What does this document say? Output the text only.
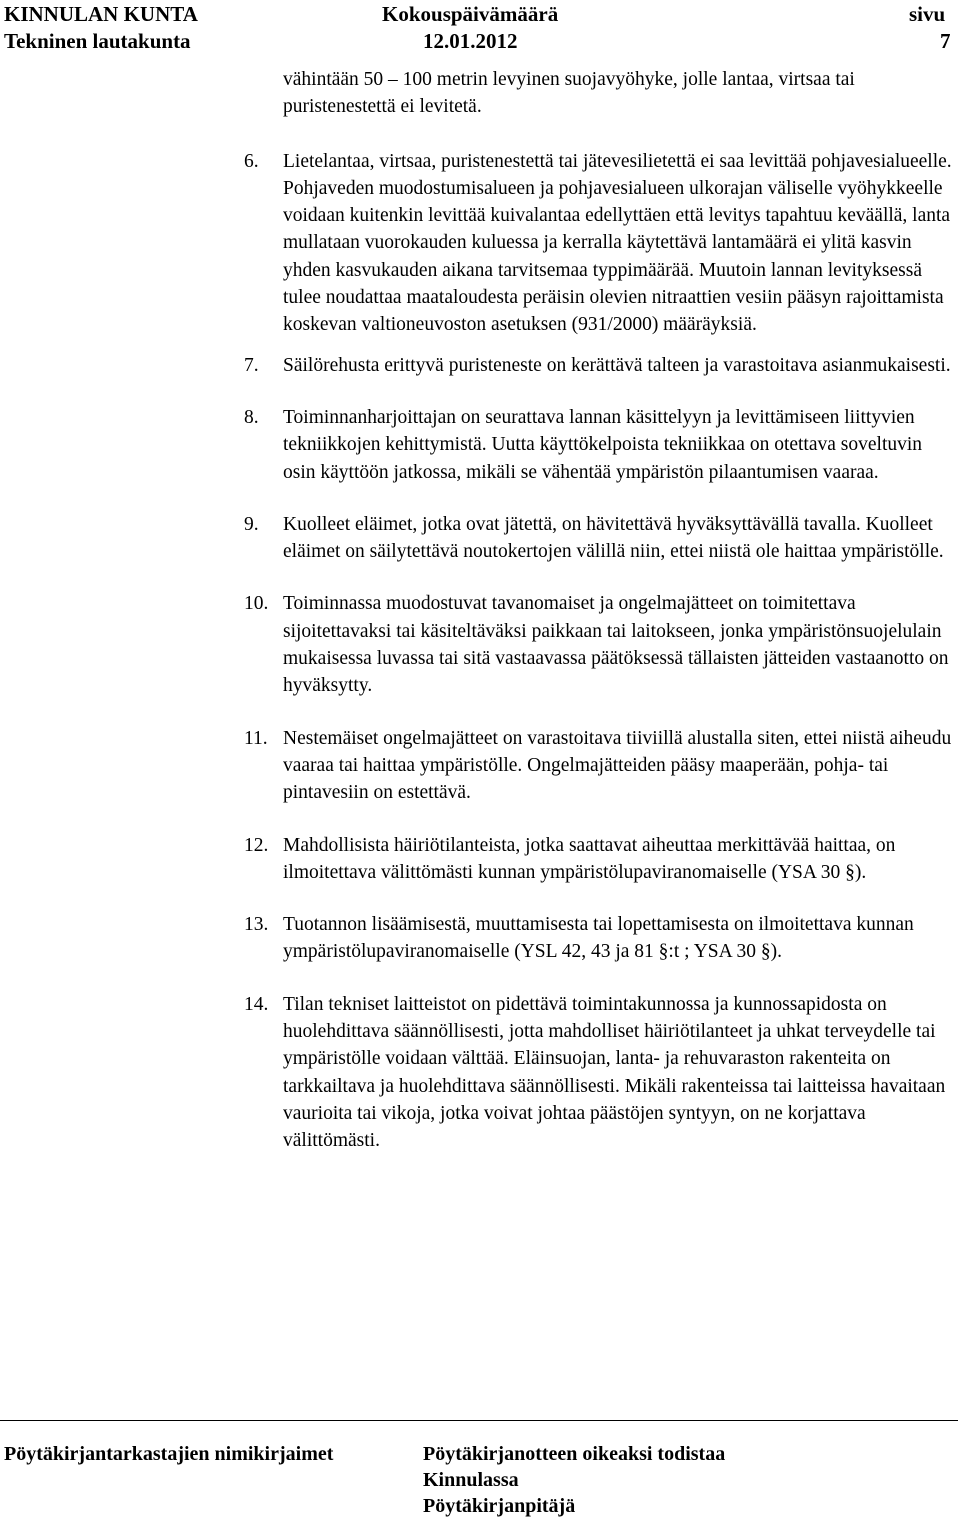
KINNULAN KUNTA
Tekninen lautakunta
Kokouspäivämäärä
12.01.2012
sivu
7

vähintään 50 – 100 metrin levyinen suojavyöhyke, jolle lantaa, virtsaa tai puristenestettä ei levitetä.

6.	Lietelantaa, virtsaa, puristenestettä tai jätevesilietettä ei saa levittää pohjavesialueelle. Pohjaveden muodostumisalueen ja pohjavesialueen ulkorajan väliselle vyöhykkeelle voidaan kuitenkin levittää kuivalantaa edellyttäen että levitys tapahtuu keväällä, lanta mullataan vuorokauden kuluessa ja kerralla käytettävä lantamäärä ei ylitä kasvin yhden kasvukauden aikana tarvitsemaa typpimäärää. Muutoin lannan levityksessä tulee noudattaa maataloudesta peräisin olevien nitraattien vesiin pääsyn rajoittamista koskevan valtioneuvoston asetuksen (931/2000) määräyksiä.
7.	Säilörehusta erittyvä puristeneste on kerättävä talteen ja varastoitava asianmukaisesti.
8.	Toiminnanharjoittajan on seurattava lannan käsittelyyn ja levittämiseen liittyvien tekniikkojen kehittymistä. Uutta käyttökelpoista tekniikkaa on otettava soveltuvin osin käyttöön jatkossa, mikäli se vähentää ympäristön pilaantumisen vaaraa.
9.	Kuolleet eläimet, jotka ovat jätettä, on hävitettävä hyväksyttävällä tavalla. Kuolleet eläimet on säilytettävä noutokertojen välillä niin, ettei niistä ole haittaa ympäristölle.
10. Toiminnassa muodostuvat tavanomaiset ja ongelmajätteet on toimitettava sijoitettavaksi tai käsiteltäväksi paikkaan tai laitokseen, jonka ympäristönsuojelulain mukaisessa luvassa tai sitä vastaavassa päätöksessä tällaisten jätteiden vastaanotto on hyväksytty.
11. Nestemäiset ongelmajätteet on varastoitava tiiviillä alustalla siten, ettei niistä aiheudu vaaraa tai haittaa ympäristölle. Ongelmajätteiden pääsy maaperään, pohja- tai pintavesiin on estettävä.
12. Mahdollisista häiriötilanteista, jotka saattavat aiheuttaa merkittävää haittaa, on ilmoitettava välittömästi kunnan ympäristölupaviranomaiselle (YSA 30 §).
13. Tuotannon lisäämisestä, muuttamisesta tai lopettamisesta on ilmoitettava kunnan ympäristölupaviranomaiselle (YSL 42, 43 ja 81 §:t ; YSA 30 §).
14. Tilan tekniset laitteistot on pidettävä toimintakunnossa ja kunnossapidosta on huolehdittava säännöllisesti, jotta mahdolliset häiriötilanteet ja uhkat terveydelle tai ympäristölle voidaan välttää. Eläinsuojan, lanta- ja rehuvaraston rakenteita on tarkkailtava ja huolehdittava säännöllisesti. Mikäli rakenteissa tai laitteissa havaitaan vaurioita tai vikoja, jotka voivat johtaa päästöjen syntyyn, on ne korjattava välittömästi.
Pöytäkirjantarkastajien nimikirjaimet	Pöytäkirjanotteen oikeaksi todistaa
Kinnulassa
Pöytäkirjanpitäjä
